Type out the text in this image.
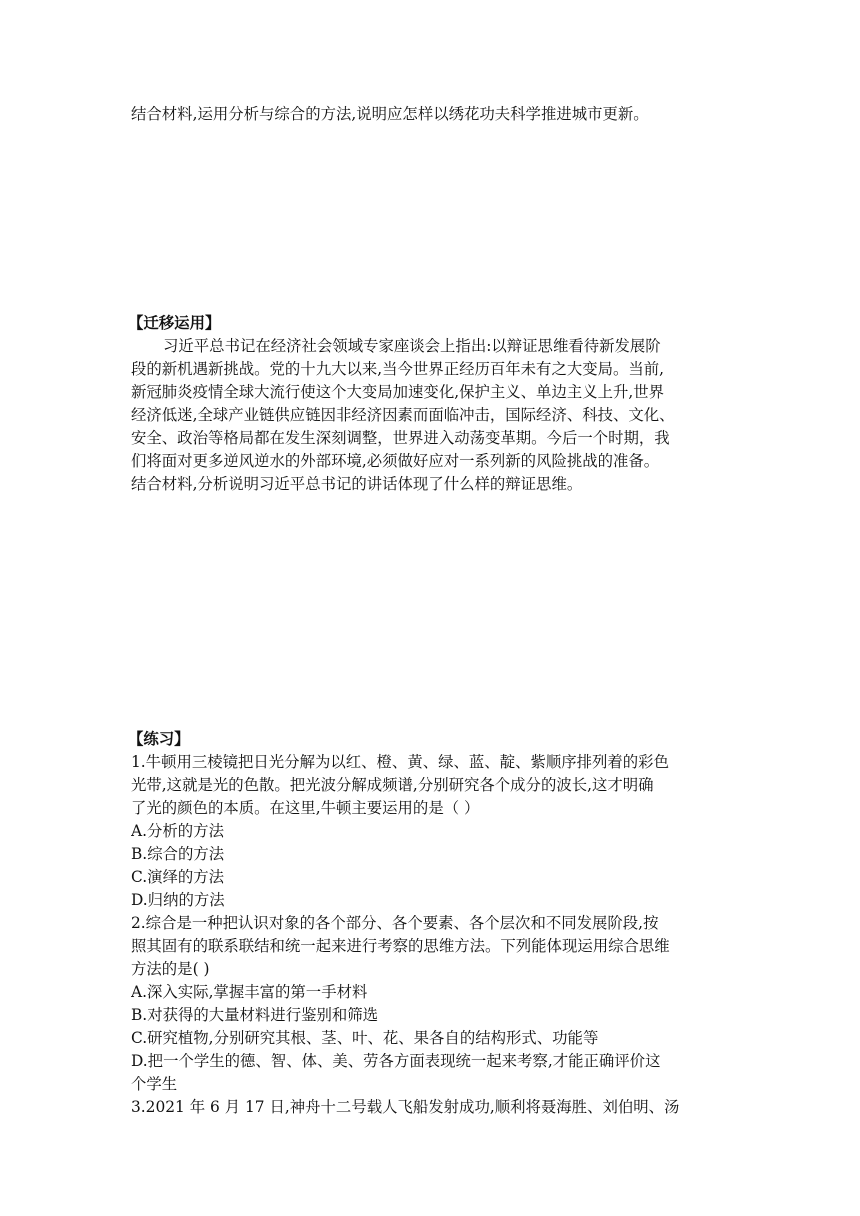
结合材料,运用分析与综合的方法,说明应怎样以绣花功夫科学推进城市更新。
【迁移运用】
习近平总书记在经济社会领域专家座谈会上指出:以辩证思维看待新发展阶
段的新机遇新挑战。党的十九大以来,当今世界正经历百年未有之大变局。当前,
新冠肺炎疫情全球大流行使这个大变局加速变化,保护主义、单边主义上升,世界
经济低迷,全球产业链供应链因非经济因素而面临冲击，国际经济、科技、文化、
安全、政治等格局都在发生深刻调整，世界进入动荡变革期。今后一个时期，我
们将面对更多逆风逆水的外部环境,必须做好应对一系列新的风险挑战的准备。
结合材料,分析说明习近平总书记的讲话体现了什么样的辩证思维。
【练习】
1.牛顿用三棱镜把日光分解为以红、橙、黄、绿、蓝、靛、紫顺序排列着的彩色
光带,这就是光的色散。把光波分解成频谱,分别研究各个成分的波长,这才明确
了光的颜色的本质。在这里,牛顿主要运用的是（ ）
A.分析的方法
B.综合的方法
C.演绎的方法
D.归纳的方法
2.综合是一种把认识对象的各个部分、各个要素、各个层次和不同发展阶段,按
照其固有的联系联结和统一起来进行考察的思维方法。下列能体现运用综合思维
方法的是( )
A.深入实际,掌握丰富的第一手材料
B.对获得的大量材料进行鉴别和筛选
C.研究植物,分别研究其根、茎、叶、花、果各自的结构形式、功能等
D.把一个学生的德、智、体、美、劳各方面表现统一起来考察,才能正确评价这
个学生
3.2021 年 6 月 17 日,神舟十二号载人飞船发射成功,顺利将聂海胜、刘伯明、汤
